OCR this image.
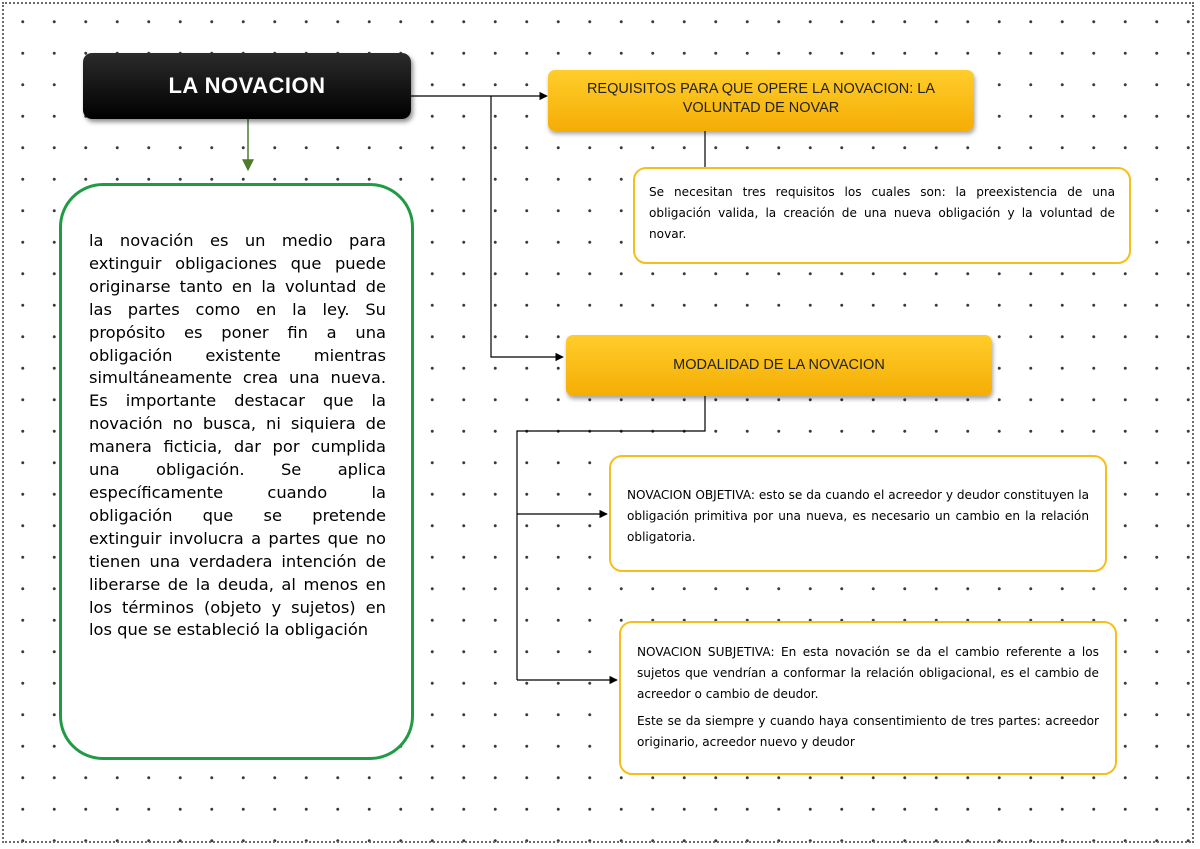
LA NOVACION

la novación es un medio para extinguir obligaciones que puede originarse tanto en la voluntad de las partes como en la ley. Su propósito es poner fin a una obligación existente mientras simultáneamente crea una nueva. Es importante destacar que la novación no busca, ni siquiera de manera ficticia, dar por cumplida una obligación. Se aplica específicamente cuando la obligación que se pretende extinguir involucra a partes que no tienen una verdadera intención de liberarse de la deuda, al menos en los términos (objeto y sujetos) en los que se estableció la obligación

REQUISITOS PARA QUE OPERE LA NOVACION: LA VOLUNTAD DE NOVAR

Se necesitan tres requisitos los cuales son: la preexistencia de una obligación valida, la creación de una nueva obligación y la voluntad de novar.

MODALIDAD DE LA NOVACION

NOVACION OBJETIVA: esto se da cuando el acreedor y deudor constituyen la obligación primitiva por una nueva, es necesario un cambio en la relación obligatoria.

NOVACION SUBJETIVA: En esta novación se da el cambio referente a los sujetos que vendrían a conformar la relación obligacional, es el cambio de acreedor o cambio de deudor.

Este se da siempre y cuando haya consentimiento de tres partes: acreedor originario, acreedor nuevo y deudor
